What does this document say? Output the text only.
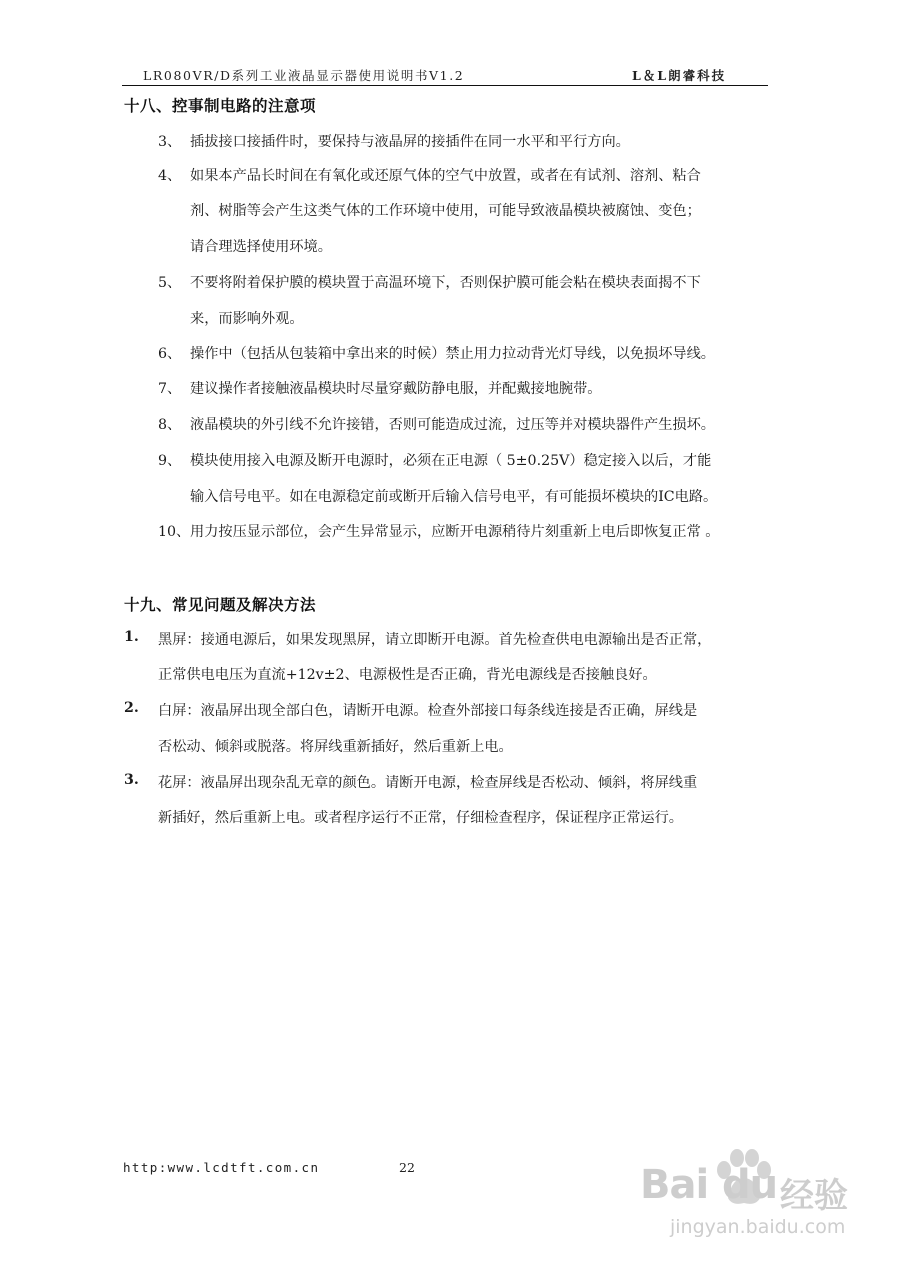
LR080VR/D系列工业液晶显示器使用说明书V1.2	L＆L朗睿科技
十八、控事制电路的注意项
3、 插拔接口接插件时，要保持与液晶屏的接插件在同一水平和平行方向。
4、 如果本产品长时间在有氧化或还原气体的空气中放置，或者在有试剂、溶剂、粘合
剂、树脂等会产生这类气体的工作环境中使用，可能导致液晶模块被腐蚀、变色；
请合理选择使用环境。
5、 不要将附着保护膜的模块置于高温环境下，否则保护膜可能会粘在模块表面揭不下
来，而影响外观。
6、 操作中（包括从包装箱中拿出来的时候）禁止用力拉动背光灯导线，以免损坏导线。
7、 建议操作者接触液晶模块时尽量穿戴防静电服，并配戴接地腕带。
8、 液晶模块的外引线不允许接错，否则可能造成过流，过压等并对模块器件产生损坏。
9、 模块使用接入电源及断开电源时，必须在正电源（ 5±0.25V）稳定接入以后，才能
输入信号电平。如在电源稳定前或断开后输入信号电平，有可能损坏模块的IC电路。
10、 用力按压显示部位，会产生异常显示，应断开电源稍待片刻重新上电后即恢复正常 。
十九、常见问题及解决方法
1. 黑屏：接通电源后，如果发现黑屏，请立即断开电源。首先检查供电电源输出是否正常，
正常供电电压为直流+12v±2、电源极性是否正确，背光电源线是否接触良好。
2. 白屏：液晶屏出现全部白色，请断开电源。检查外部接口每条线连接是否正确，屏线是
否松动、倾斜或脱落。将屏线重新插好，然后重新上电。
3. 花屏：液晶屏出现杂乱无章的颜色。请断开电源，检查屏线是否松动、倾斜，将屏线重
新插好，然后重新上电。或者程序运行不正常，仔细检查程序，保证程序正常运行。
http:www.lcdtft.com.cn	22	Bai du 经验
jingyan.baidu.com
